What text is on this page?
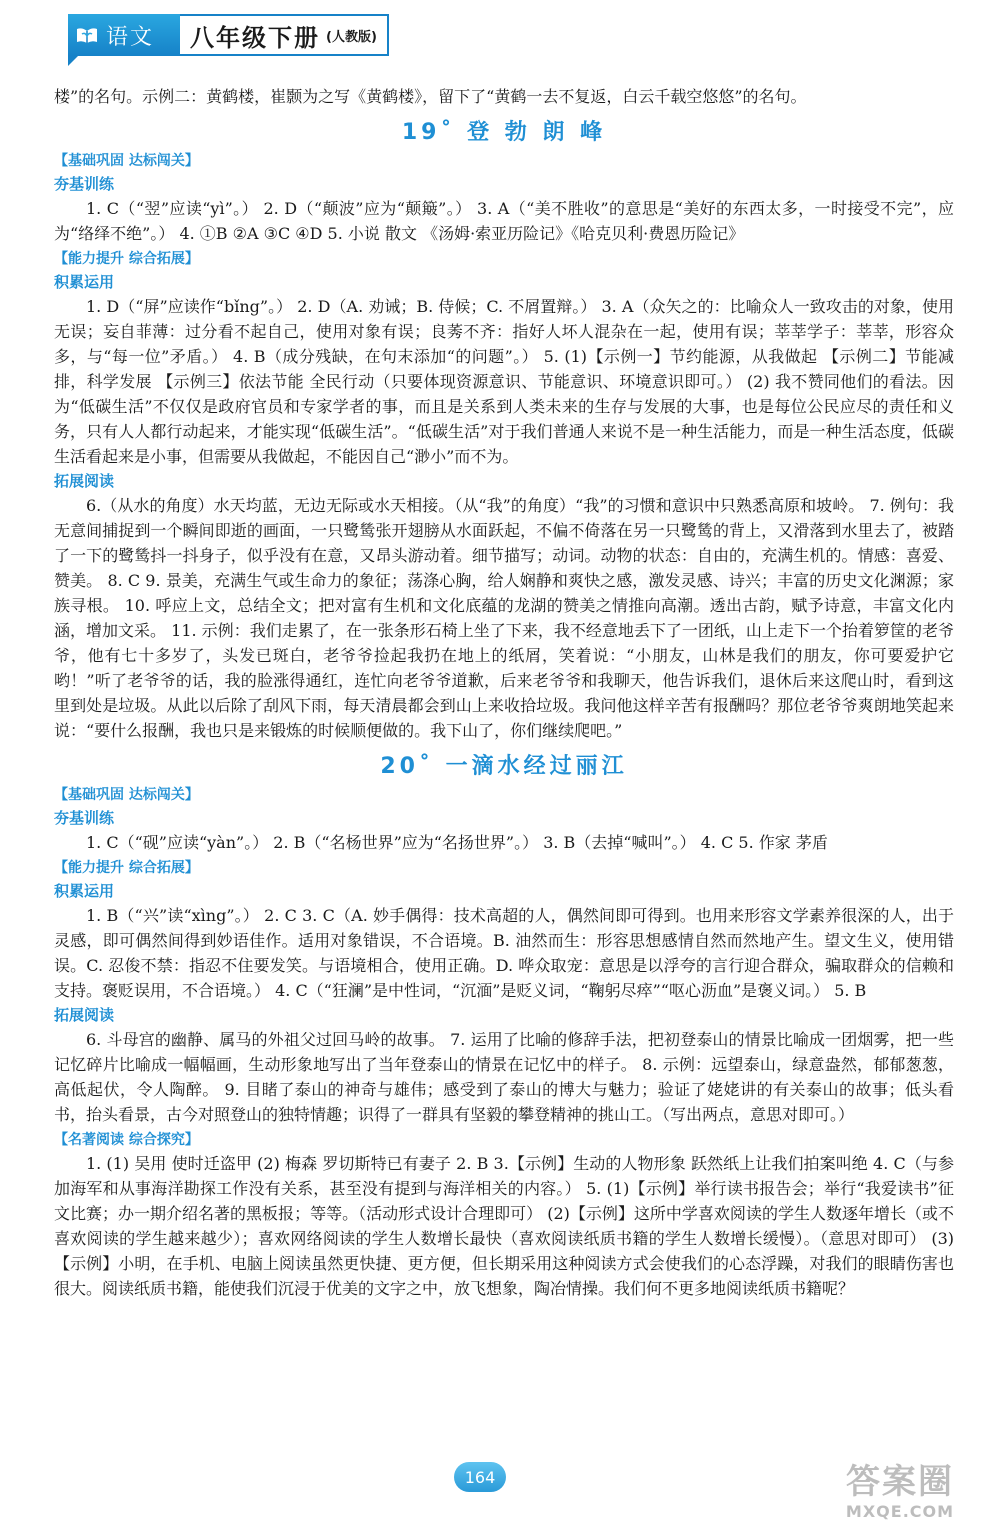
语文 八年级下册 (人教版)
楼”的名句。示例二：黄鹤楼，崔颢为之写《黄鹤楼》，留下了“黄鹤一去不复返，白云千载空悠悠”的名句。
19˚ 登 勃 朗 峰
【基础巩固 达标闯关】
夯基训练
1. C（“翌”应读“yì”。） 2. D（“颠波”应为“颠簸”。） 3. A（“美不胜收”的意思是“美好的东西太多，一时接受不完”，应为“络绎不绝”。） 4. ①B ②A ③C ④D 5. 小说 散文 《汤姆·索亚历险记》《哈克贝利·费恩历险记》
【能力提升 综合拓展】
积累运用
1. D（“屏”应读作“bǐng”。） 2. D（A. 劝诫；B. 侍候；C. 不屑置辩。） 3. A（众矢之的：比喻众人一致攻击的对象，使用无误；妄自菲薄：过分看不起自己，使用对象有误；良莠不齐：指好人坏人混杂在一起，使用有误；莘莘学子：莘莘，形容众多，与“每一位”矛盾。） 4. B（成分残缺，在句末添加“的问题”。） 5. (1)【示例一】节约能源，从我做起 【示例二】节能减排，科学发展 【示例三】依法节能 全民行动（只要体现资源意识、节能意识、环境意识即可。） (2) 我不赞同他们的看法。因为“低碳生活”不仅仅是政府官员和专家学者的事，而且是关系到人类未来的生存与发展的大事，也是每位公民应尽的责任和义务，只有人人都行动起来，才能实现“低碳生活”。“低碳生活”对于我们普通人来说不是一种生活能力，而是一种生活态度，低碳生活看起来是小事，但需要从我做起，不能因自己“渺小”而不为。
拓展阅读
6.（从水的角度）水天均蓝，无边无际或水天相接。（从“我”的角度）“我”的习惯和意识中只熟悉高原和坡岭。 7. 例句：我无意间捕捉到一个瞬间即逝的画面，一只鹭鸶张开翅膀从水面跃起，不偏不倚落在另一只鹭鸶的背上，又滑落到水里去了，被踏了一下的鹭鸶抖一抖身子，似乎没有在意，又昂头游动着。细节描写；动词。动物的状态：自由的，充满生机的。情感：喜爱、赞美。 8. C 9. 景美，充满生气或生命力的象征；荡涤心胸，给人娴静和爽快之感，激发灵感、诗兴；丰富的历史文化渊源；家族寻根。 10. 呼应上文，总结全文；把对富有生机和文化底蕴的龙湖的赞美之情推向高潮。透出古韵，赋予诗意，丰富文化内涵，增加文采。 11. 示例：我们走累了，在一张条形石椅上坐了下来，我不经意地丢下了一团纸，山上走下一个抬着箩筐的老爷爷，他有七十多岁了，头发已斑白，老爷爷捡起我扔在地上的纸屑，笑着说：“小朋友，山林是我们的朋友，你可要爱护它哟！”听了老爷爷的话，我的脸涨得通红，连忙向老爷爷道歉，后来老爷爷和我聊天，他告诉我们，退休后来这爬山时，看到这里到处是垃圾。从此以后除了刮风下雨，每天清晨都会到山上来收拾垃圾。我问他这样辛苦有报酬吗？那位老爷爷爽朗地笑起来说：“要什么报酬，我也只是来锻炼的时候顺便做的。我下山了，你们继续爬吧。”
20˚ 一滴水经过丽江
【基础巩固 达标闯关】
夯基训练
1. C（“砚”应读“yàn”。） 2. B（“名杨世界”应为“名扬世界”。） 3. B（去掉“喊叫”。） 4. C 5. 作家 茅盾
【能力提升 综合拓展】
积累运用
1. B（“兴”读“xìng”。） 2. C 3. C（A. 妙手偶得：技术高超的人，偶然间即可得到。也用来形容文学素养很深的人，出于灵感，即可偶然间得到妙语佳作。适用对象错误，不合语境。B. 油然而生：形容思想感情自然而然地产生。望文生义，使用错误。C. 忍俊不禁：指忍不住要发笑。与语境相合，使用正确。D. 哗众取宠：意思是以浮夸的言行迎合群众，骗取群众的信赖和支持。褒贬误用，不合语境。） 4. C（“狂澜”是中性词，“沉湎”是贬义词，“鞠躬尽瘁”“呕心沥血”是褒义词。） 5. B
拓展阅读
6. 斗母宫的幽静、属马的外祖父过回马岭的故事。 7. 运用了比喻的修辞手法，把初登泰山的情景比喻成一团烟雾，把一些记忆碎片比喻成一幅幅画，生动形象地写出了当年登泰山的情景在记忆中的样子。 8. 示例：远望泰山，绿意盎然，郁郁葱葱，高低起伏，令人陶醉。 9. 目睹了泰山的神奇与雄伟；感受到了泰山的博大与魅力；验证了姥姥讲的有关泰山的故事；低头看书，抬头看景，古今对照登山的独特情趣；识得了一群具有坚毅的攀登精神的挑山工。（写出两点，意思对即可。）
【名著阅读 综合探究】
1. (1) 吴用 使时迁盗甲 (2) 梅森 罗切斯特已有妻子 2. B 3.【示例】生动的人物形象 跃然纸上让我们拍案叫绝 4. C（与参加海军和从事海洋勘探工作没有关系，甚至没有提到与海洋相关的内容。） 5. (1)【示例】举行读书报告会；举行“我爱读书”征文比赛；办一期介绍名著的黑板报；等等。（活动形式设计合理即可） (2)【示例】这所中学喜欢阅读的学生人数逐年增长（或不喜欢阅读的学生越来越少）；喜欢网络阅读的学生人数增长最快（喜欢阅读纸质书籍的学生人数增长缓慢）。（意思对即可） (3)【示例】小明，在手机、电脑上阅读虽然更快捷、更方便，但长期采用这种阅读方式会使我们的心态浮躁，对我们的眼睛伤害也很大。阅读纸质书籍，能使我们沉浸于优美的文字之中，放飞想象，陶冶情操。我们何不更多地阅读纸质书籍呢？
164	答案圈
MXQE.COM
